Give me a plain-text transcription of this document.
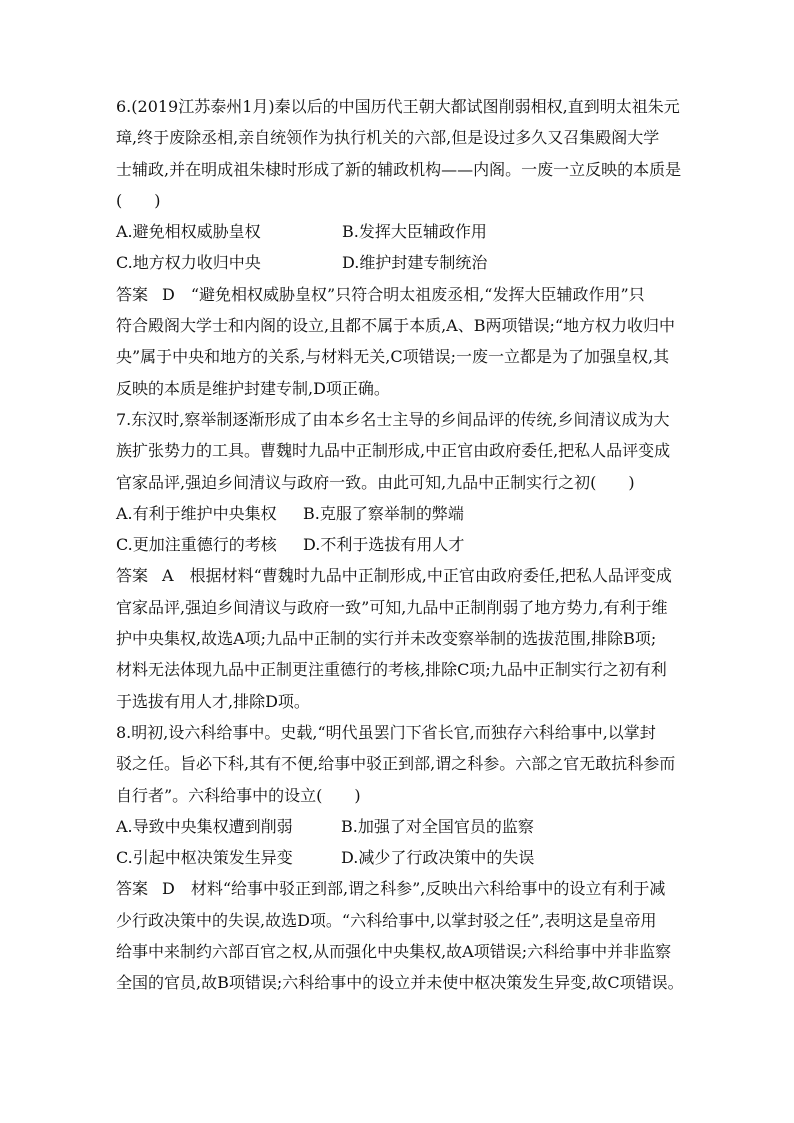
6.(2019江苏泰州1月)秦以后的中国历代王朝大都试图削弱相权,直到明太祖朱元
璋,终于废除丞相,亲自统领作为执行机关的六部,但是设过多久又召集殿阁大学
士辅政,并在明成祖朱棣时形成了新的辅政机构——内阁。一废一立反映的本质是
(　　)
A.避免相权威胁皇权	B.发挥大臣辅政作用
C.地方权力收归中央	D.维护封建专制统治
答案 D “避免相权威胁皇权”只符合明太祖废丞相,“发挥大臣辅政作用”只
符合殿阁大学士和内阁的设立,且都不属于本质,A、B两项错误;“地方权力收归中
央”属于中央和地方的关系,与材料无关,C项错误;一废一立都是为了加强皇权,其
反映的本质是维护封建专制,D项正确。
7.东汉时,察举制逐渐形成了由本乡名士主导的乡间品评的传统,乡间清议成为大
族扩张势力的工具。曹魏时九品中正制形成,中正官由政府委任,把私人品评变成
官家品评,强迫乡间清议与政府一致。由此可知,九品中正制实行之初(　　)
A.有利于维护中央集权	B.克服了察举制的弊端
C.更加注重德行的考核	D.不利于选拔有用人才
答案 A 根据材料“曹魏时九品中正制形成,中正官由政府委任,把私人品评变成
官家品评,强迫乡间清议与政府一致”可知,九品中正制削弱了地方势力,有利于维
护中央集权,故选A项;九品中正制的实行并未改变察举制的选拔范围,排除B项;
材料无法体现九品中正制更注重德行的考核,排除C项;九品中正制实行之初有利
于选拔有用人才,排除D项。
8.明初,设六科给事中。史载,“明代虽罢门下省长官,而独存六科给事中,以掌封
驳之任。旨必下科,其有不便,给事中驳正到部,谓之科参。六部之官无敢抗科参而
自行者”。六科给事中的设立(　　)
A.导致中央集权遭到削弱	B.加强了对全国官员的监察
C.引起中枢决策发生异变	D.减少了行政决策中的失误
答案 D 材料“给事中驳正到部,谓之科参”,反映出六科给事中的设立有利于减
少行政决策中的失误,故选D项。“六科给事中,以掌封驳之任”,表明这是皇帝用
给事中来制约六部百官之权,从而强化中央集权,故A项错误;六科给事中并非监察
全国的官员,故B项错误;六科给事中的设立并未使中枢决策发生异变,故C项错误。
